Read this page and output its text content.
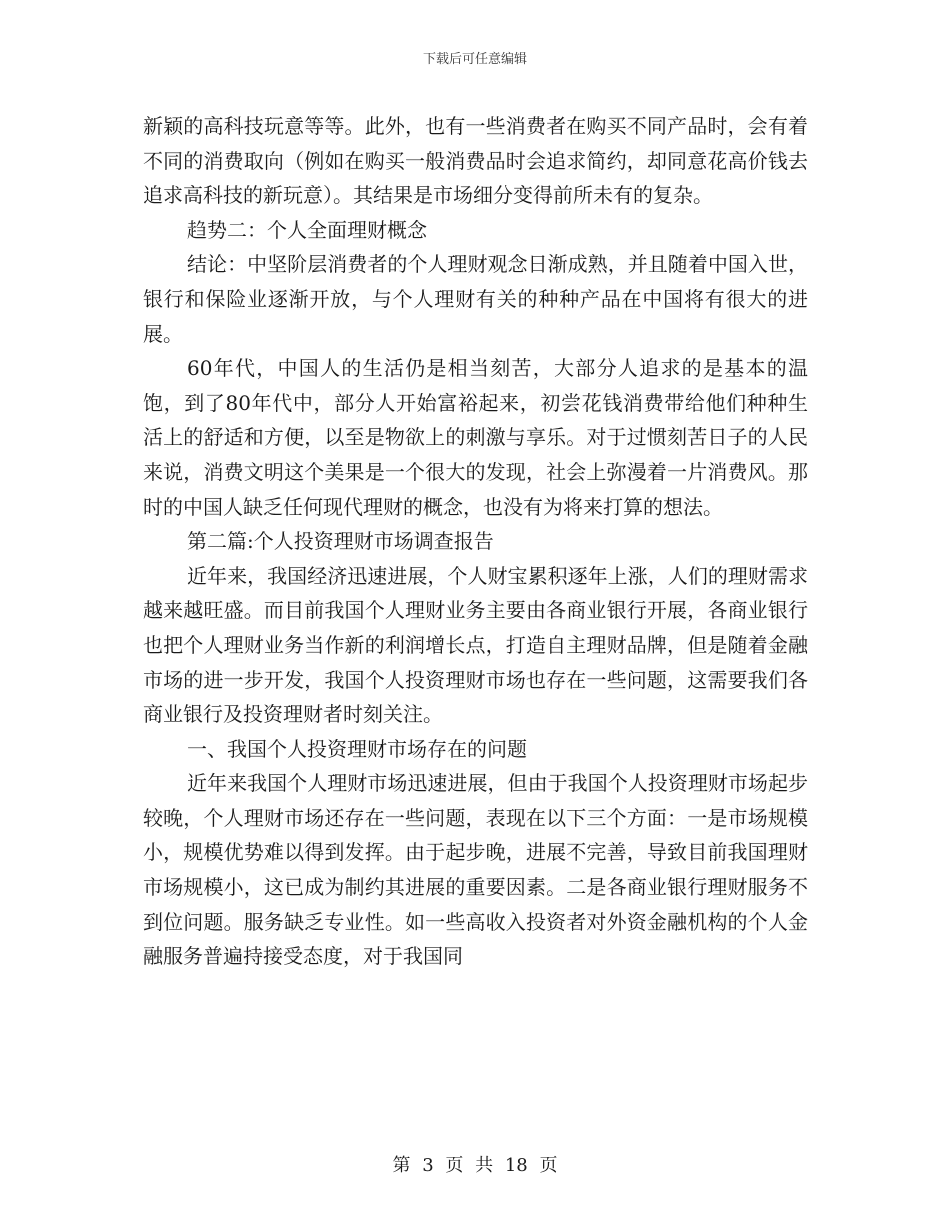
下载后可任意编辑

新颖的高科技玩意等等。此外，也有一些消费者在购买不同产品时，会有着不同的消费取向（例如在购买一般消费品时会追求简约，却同意花高价钱去追求高科技的新玩意）。其结果是市场细分变得前所未有的复杂。

趋势二：个人全面理财概念

结论：中坚阶层消费者的个人理财观念日渐成熟，并且随着中国入世，银行和保险业逐渐开放，与个人理财有关的种种产品在中国将有很大的进展。

60年代，中国人的生活仍是相当刻苦，大部分人追求的是基本的温饱，到了80年代中，部分人开始富裕起来，初尝花钱消费带给他们种种生活上的舒适和方便，以至是物欲上的刺激与享乐。对于过惯刻苦日子的人民来说，消费文明这个美果是一个很大的发现，社会上弥漫着一片消费风。那时的中国人缺乏任何现代理财的概念，也没有为将来打算的想法。

第二篇:个人投资理财市场调查报告

近年来，我国经济迅速进展，个人财宝累积逐年上涨，人们的理财需求越来越旺盛。而目前我国个人理财业务主要由各商业银行开展，各商业银行也把个人理财业务当作新的利润增长点，打造自主理财品牌，但是随着金融市场的进一步开发，我国个人投资理财市场也存在一些问题，这需要我们各商业银行及投资理财者时刻关注。

一、我国个人投资理财市场存在的问题

近年来我国个人理财市场迅速进展，但由于我国个人投资理财市场起步较晚，个人理财市场还存在一些问题，表现在以下三个方面：一是市场规模小，规模优势难以得到发挥。由于起步晚，进展不完善，导致目前我国理财市场规模小，这已成为制约其进展的重要因素。二是各商业银行理财服务不到位问题。服务缺乏专业性。如一些高收入投资者对外资金融机构的个人金融服务普遍持接受态度，对于我国同

第 3 页 共 18 页
